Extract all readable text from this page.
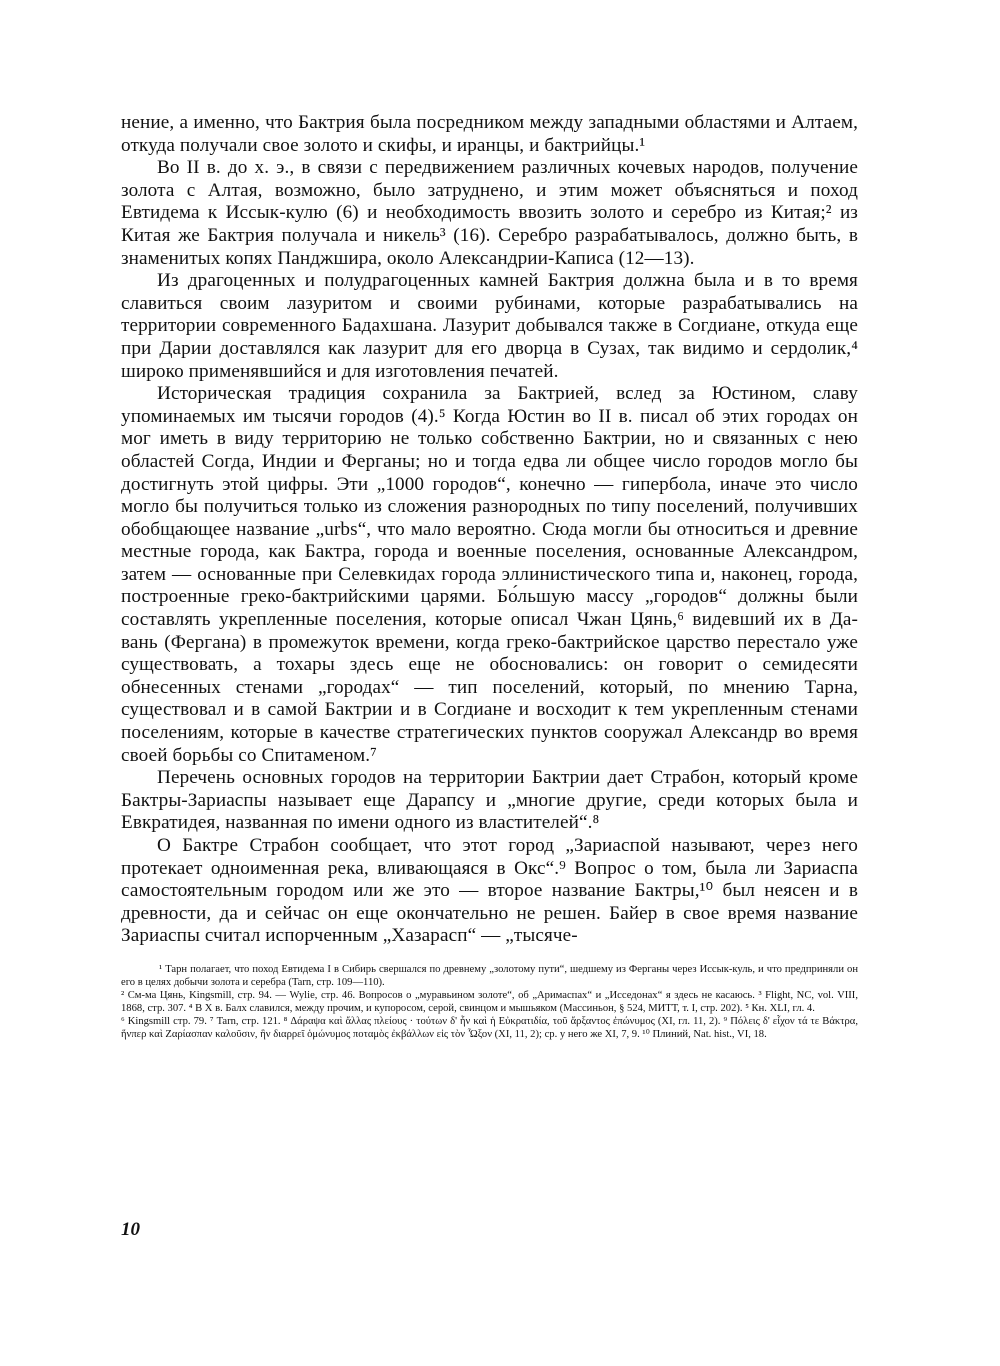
нение, а именно, что Бактрия была посредником между западными областями и Алтаем, откуда получали свое золото и скифы, и иранцы, и бактрийцы.¹

Во II в. до х. э., в связи с передвижением различных кочевых народов, получение золота с Алтая, возможно, было затруднено, и этим может объясняться и поход Евтидема к Иссык-кулю (6) и необходимость ввозить золото и серебро из Китая;² из Китая же Бактрия получала и никель³ (16). Серебро разрабатывалось, должно быть, в знаменитых копях Панджшира, около Александрии-Каписа (12—13).

Из драгоценных и полудрагоценных камней Бактрия должна была и в то время славиться своим лазуритом и своими рубинами, которые разрабатывались на территории современного Бадахшана. Лазурит добывался также в Согдиане, откуда еще при Дарии доставлялся как лазурит для его дворца в Сузах, так видимо и сердолик,⁴ широко применявшийся и для изготовления печатей.

Историческая традиция сохранила за Бактрией, вслед за Юстином, славу упоминаемых им тысячи городов (4).⁵ Когда Юстин во II в. писал об этих городах он мог иметь в виду территорию не только собственно Бактрии, но и связанных с нею областей Согда, Индии и Ферганы; но и тогда едва ли общее число городов могло бы достигнуть этой цифры. Эти „1000 городов“, конечно — гипербола, иначе это число могло бы получиться только из сложения разнородных по типу поселений, получивших обобщающее название „urbs“, что мало вероятно. Сюда могли бы относиться и древние местные города, как Бактра, города и военные поселения, основанные Александром, затем — основанные при Селевкидах города эллинистического типа и, наконец, города, построенные греко-бактрийскими царями. Бо́льшую массу „городов“ должны были составлять укрепленные поселения, которые описал Чжан Цянь,⁶ видевший их в Да-вань (Фергана) в промежуток времени, когда греко-бактрийское царство перестало уже существовать, а тохары здесь еще не обосновались: он говорит о семидесяти обнесенных стенами „городах“ — тип поселений, который, по мнению Тарна, существовал и в самой Бактрии и в Согдиане и восходит к тем укрепленным стенами поселениям, которые в качестве стратегических пунктов сооружал Александр во время своей борьбы со Спитаменом.⁷

Перечень основных городов на территории Бактрии дает Страбон, который кроме Бактры-Зариаспы называет еще Дарапсу и „многие другие, среди которых была и Евкратидея, названная по имени одного из властителей“.⁸

О Бактре Страбон сообщает, что этот город „Зариаспой называют, через него протекает одноименная река, вливающаяся в Окс“.⁹ Вопрос о том, была ли Зариаспа самостоятельным городом или же это — второе название Бактры,¹⁰ был неясен и в древности, да и сейчас он еще окончательно не решен. Байер в свое время название Зариаспы считал испорченным „Хазарасп“ — „тысяче-

¹ Тарн полагает, что поход Евтидема I в Сибирь свершался по древнему „золотому пути“, шедшему из Ферганы через Иссык-куль, и что предприняли он его в целях добычи золота и серебра (Tarn, стр. 109—110).

² См-ма Цянь, Kingsmill, стр. 94. — Wylie, стр. 46. Вопросов о „муравьином золоте“, об „Аримаспах“ и „Исседонах“ я здесь не касаюсь. ³ Flight, NC, vol. VIII, 1868, стр. 307. ⁴ В X в. Балх славился, между прочим, и купоросом, серой, свинцом и мышьяком (Массиньон, § 524, МИТТ, т. I, стр. 202). ⁵ Кн. XLI, гл. 4.

⁶ Kingsmill стр. 79. ⁷ Tarn, стр. 121. ⁸ Δάραψα καὶ ἄλλας πλείους · τούτων δ' ἦν καὶ ἡ Εὐκρατιδία, τοῦ ἄρξαντος ἐπώνυμος (XI, гл. 11, 2). ⁹ Πόλεις δ' εἶχον τά τε Βάκτρα, ἥνπερ καὶ Ζαρίασπαν καλοῦσιν, ἣν διαρρεῖ ὁμώνυμος ποταμὸς ἐκβάλλων εἰς τὸν Ὦξον (XI, 11, 2); ср. у него же XI, 7, 9. ¹⁰ Плиний, Nat. hist., VI, 18.

10
